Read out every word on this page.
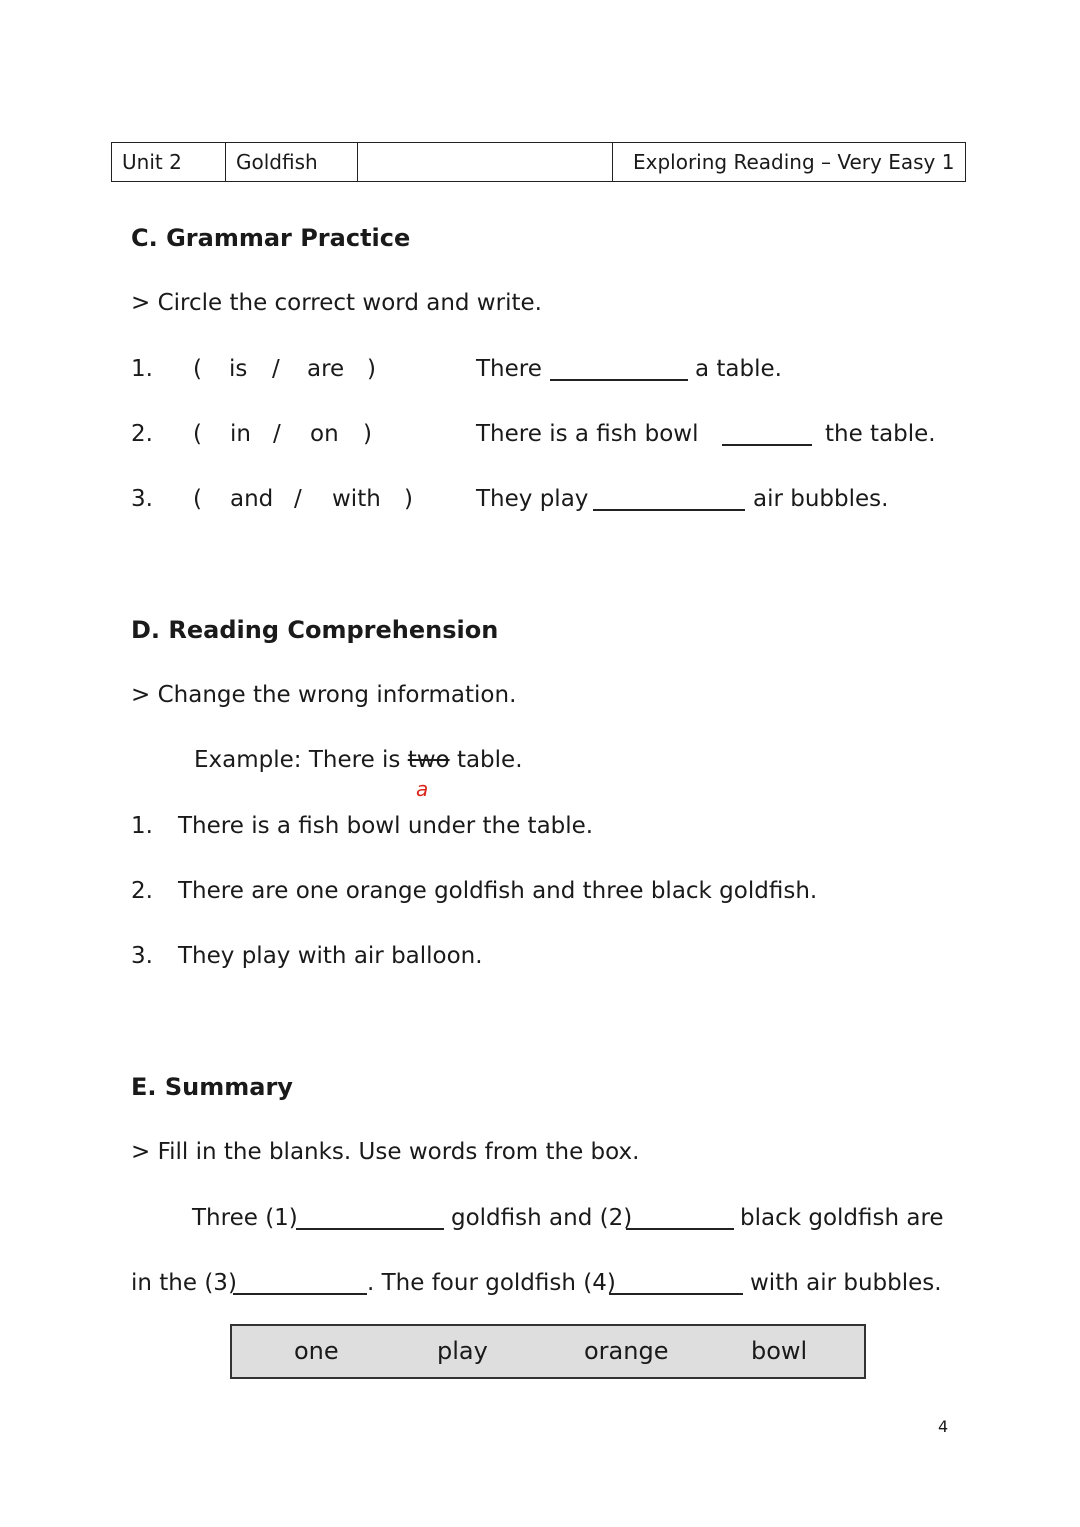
Unit 2	Goldfish	Exploring Reading – Very Easy 1
C. Grammar Practice
> Circle the correct word and write.
1. ( is / are )	There	a table.
2. ( in / on )	There is a fish bowl	the table.
3. ( and / with )	They play	air bubbles.
D. Reading Comprehension
> Change the wrong information.
Example: There is two table.
a
1. There is a fish bowl under the table.
2. There are one orange goldfish and three black goldfish.
3. They play with air balloon.
E. Summary
> Fill in the blanks. Use words from the box.
Three (1)	goldfish and (2)	black goldfish are
in the (3)	. The four goldfish (4)	with air bubbles.
one	play	orange	bowl
4
